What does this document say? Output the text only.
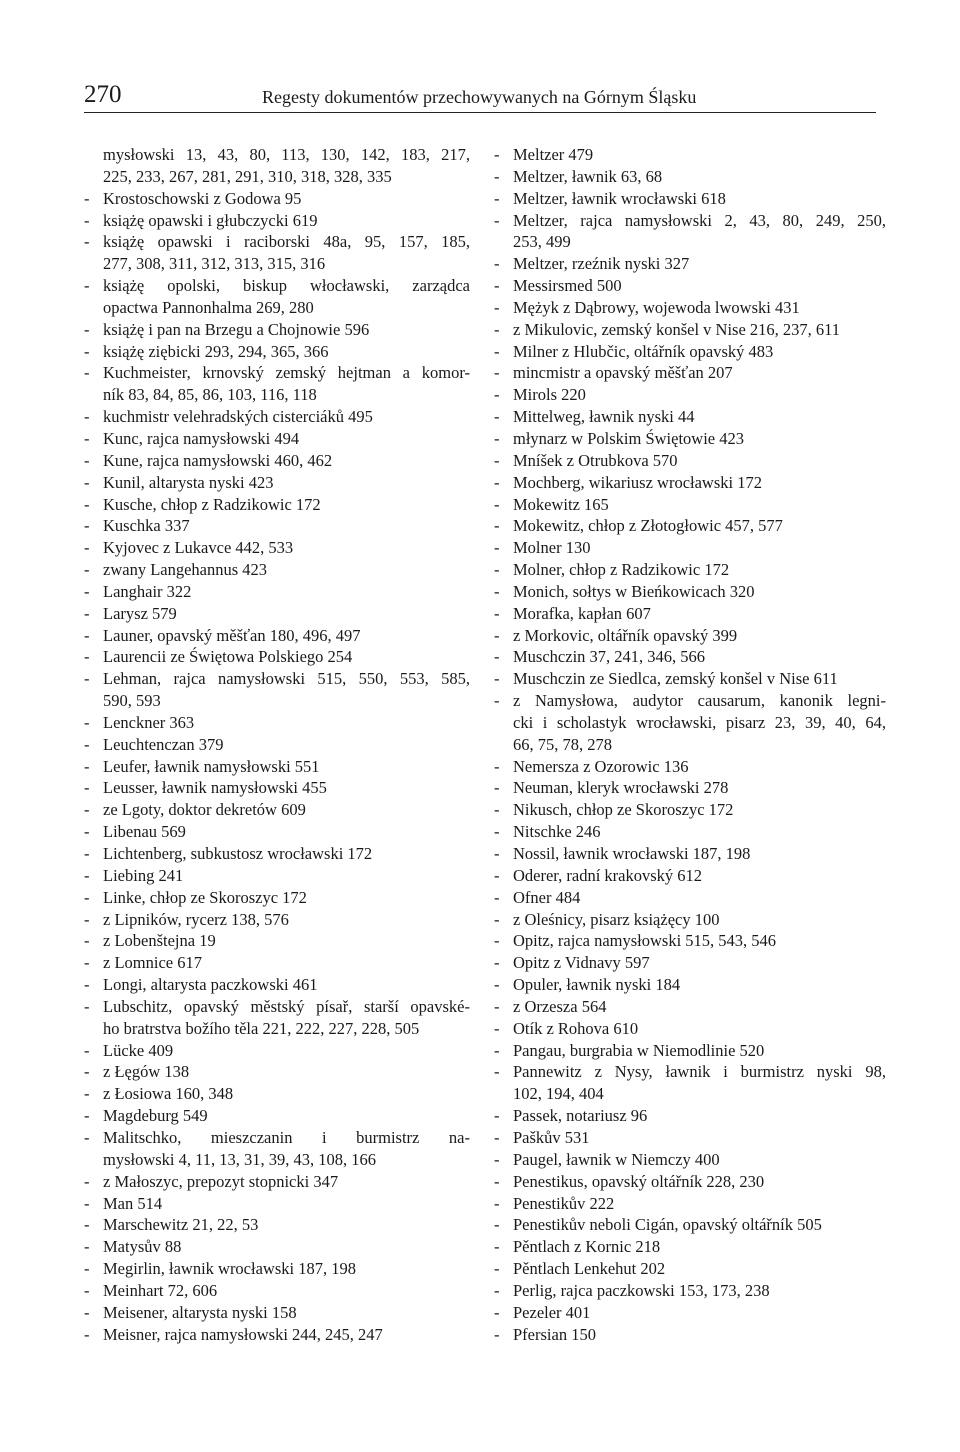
270	Regesty dokumentów przechowywanych na Górnym Śląsku
mysłowski 13, 43, 80, 113, 130, 142, 183, 217,
225, 233, 267, 281, 291, 310, 318, 328, 335
- Krostoschowski z Godowa 95
- książę opawski i głubczycki 619
- książę opawski i raciborski 48a, 95, 157, 185,
277, 308, 311, 312, 313, 315, 316
- książę opolski, biskup włocławski, zarządca
opactwa Pannonhalma 269, 280
- książę i pan na Brzegu a Chojnowie 596
- książę ziębicki 293, 294, 365, 366
- Kuchmeister, krnovský zemský hejtman a komor-
ník 83, 84, 85, 86, 103, 116, 118
- kuchmistr velehradských cisterciáků 495
- Kunc, rajca namysłowski 494
- Kune, rajca namysłowski 460, 462
- Kunil, altarysta nyski 423
- Kusche, chłop z Radzikowic 172
- Kuschka 337
- Kyjovec z Lukavce 442, 533
- zwany Langehannus 423
- Langhair 322
- Larysz 579
- Launer, opavský měšťan 180, 496, 497
- Laurencii ze Świętowa Polskiego 254
- Lehman, rajca namysłowski 515, 550, 553, 585,
590, 593
- Lenckner 363
- Leuchtenczan 379
- Leufer, ławnik namysłowski 551
- Leusser, ławnik namysłowski 455
- ze Lgoty, doktor dekretów 609
- Libenau 569
- Lichtenberg, subkustosz wrocławski 172
- Liebing 241
- Linke, chłop ze Skoroszyc 172
- z Lipników, rycerz 138, 576
- z Lobenštejna 19
- z Lomnice 617
- Longi, altarysta paczkowski 461
- Lubschitz, opavský městský písař, starší opavské-
ho bratrstva božího těla 221, 222, 227, 228, 505
- Lücke 409
- z Łęgów 138
- z Łosiowa 160, 348
- Magdeburg 549
- Malitschko, mieszczanin i burmistrz na-
mysłowski 4, 11, 13, 31, 39, 43, 108, 166
- z Małoszyc, prepozyt stopnicki 347
- Man 514
- Marschewitz 21, 22, 53
- Matysův 88
- Megirlin, ławnik wrocławski 187, 198
- Meinhart 72, 606
- Meisener, altarysta nyski 158
- Meisner, rajca namysłowski 244, 245, 247
- Meltzer 479
- Meltzer, ławnik 63, 68
- Meltzer, ławnik wrocławski 618
- Meltzer, rajca namysłowski 2, 43, 80, 249, 250,
253, 499
- Meltzer, rzeźnik nyski 327
- Messirsmed 500
- Mężyk z Dąbrowy, wojewoda lwowski 431
- z Mikulovic, zemský konšel v Nise 216, 237, 611
- Milner z Hlubčic, oltářník opavský 483
- mincmistr a opavský měšťan 207
- Mirols 220
- Mittelweg, ławnik nyski 44
- młynarz w Polskim Świętowie 423
- Mníšek z Otrubkova 570
- Mochberg, wikariusz wrocławski 172
- Mokewitz 165
- Mokewitz, chłop z Złotogłowic 457, 577
- Molner 130
- Molner, chłop z Radzikowic 172
- Monich, sołtys w Bieńkowicach 320
- Morafka, kapłan 607
- z Morkovic, oltářník opavský 399
- Muschczin 37, 241, 346, 566
- Muschczin ze Siedlca, zemský konšel v Nise 611
- z Namysłowa, audytor causarum, kanonik legni-
cki i scholastyk wrocławski, pisarz 23, 39, 40, 64,
66, 75, 78, 278
- Nemersza z Ozorowic 136
- Neuman, kleryk wrocławski 278
- Nikusch, chłop ze Skoroszyc 172
- Nitschke 246
- Nossil, ławnik wrocławski 187, 198
- Oderer, radní krakovský 612
- Ofner 484
- z Oleśnicy, pisarz książęcy 100
- Opitz, rajca namysłowski 515, 543, 546
- Opitz z Vidnavy 597
- Opuler, ławnik nyski 184
- z Orzesza 564
- Otík z Rohova 610
- Pangau, burgrabia w Niemodlinie 520
- Pannewitz z Nysy, ławnik i burmistrz nyski 98,
102, 194, 404
- Passek, notariusz 96
- Paškův 531
- Paugel, ławnik w Niemczy 400
- Penestikus, opavský oltářník 228, 230
- Penestikův 222
- Penestikův neboli Cigán, opavský oltářník 505
- Pěntlach z Kornic 218
- Pěntlach Lenkehut 202
- Perlig, rajca paczkowski 153, 173, 238
- Pezeler 401
- Pfersian 150
